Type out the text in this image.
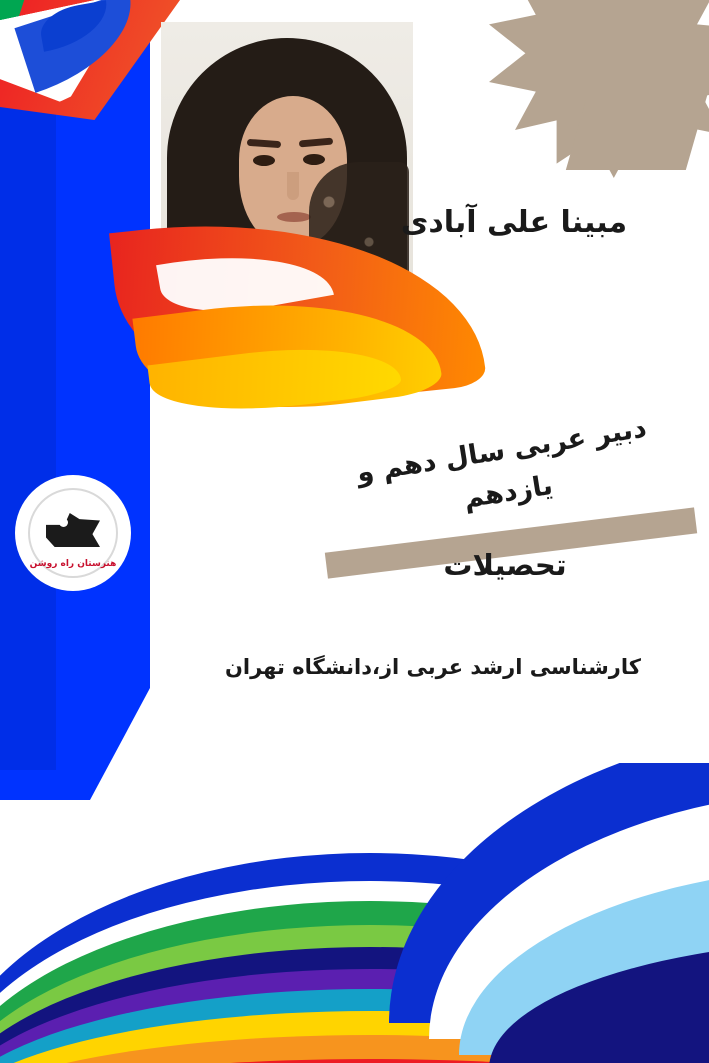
هنرستان راه روشن
مبینا علی آبادی
دبیر عربی سال دهم و یازدهم
تحصیلات
کارشناسی ارشد عربی از،دانشگاه تهران
